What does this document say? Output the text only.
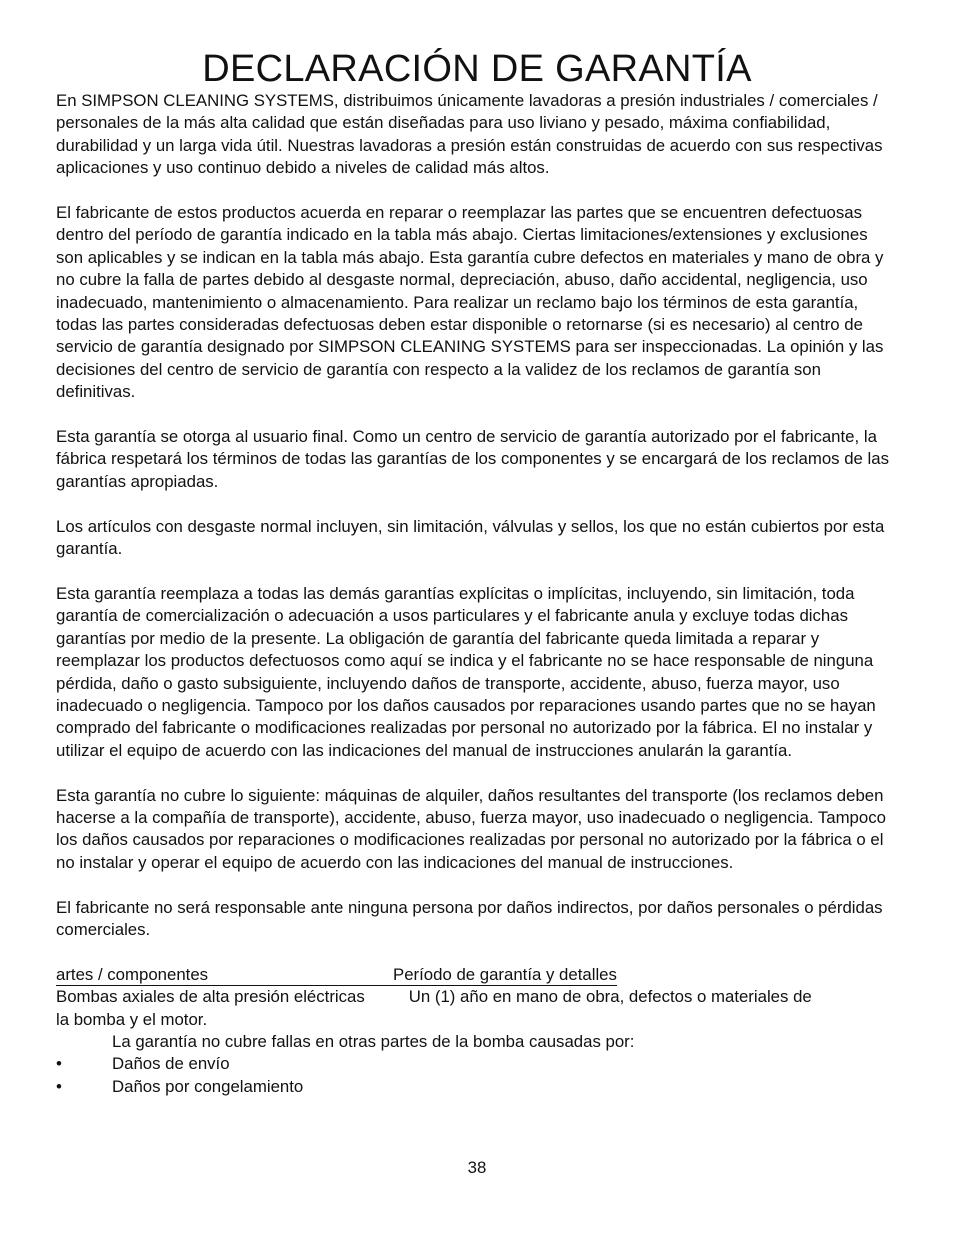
DECLARACIÓN DE GARANTÍA

En SIMPSON CLEANING SYSTEMS, distribuimos únicamente lavadoras a presión industriales / comerciales / personales de la más alta calidad que están diseñadas para uso liviano y pesado, máxima confiabilidad, durabilidad y un larga vida útil. Nuestras lavadoras a presión están construidas de acuerdo con sus respectivas aplicaciones y uso continuo debido a niveles de calidad más altos.

El fabricante de estos productos acuerda en reparar o reemplazar las partes que se encuentren defectuosas dentro del período de garantía indicado en la tabla más abajo. Ciertas limitaciones/extensiones y exclusiones son aplicables y se indican en la tabla más abajo. Esta garantía cubre defectos en materiales y mano de obra y no cubre la falla de partes debido al desgaste normal, depreciación, abuso, daño accidental, negligencia, uso inadecuado, mantenimiento o almacenamiento. Para realizar un reclamo bajo los términos de esta garantía, todas las partes consideradas defectuosas deben estar disponible o retornarse (si es necesario) al centro de servicio de garantía designado por SIMPSON CLEANING SYSTEMS para ser inspeccionadas. La opinión y las decisiones del centro de servicio de garantía con respecto a la validez de los reclamos de garantía son definitivas.

Esta garantía se otorga al usuario final. Como un centro de servicio de garantía autorizado por el fabricante, la fábrica respetará los términos de todas las garantías de los componentes y se encargará de los reclamos de las garantías apropiadas.

Los artículos con desgaste normal incluyen, sin limitación, válvulas y sellos, los que no están cubiertos por esta garantía.

Esta garantía reemplaza a todas las demás garantías explícitas o implícitas, incluyendo, sin limitación, toda garantía de comercialización o adecuación a usos particulares y el fabricante anula y excluye todas dichas garantías por medio de la presente. La obligación de garantía del fabricante queda limitada a reparar y reemplazar los productos defectuosos como aquí se indica y el fabricante no se hace responsable de ninguna pérdida, daño o gasto subsiguiente, incluyendo daños de transporte, accidente, abuso, fuerza mayor, uso inadecuado o negligencia. Tampoco por los daños causados por reparaciones usando partes que no se hayan comprado del fabricante o modificaciones realizadas por personal no autorizado por la fábrica. El no instalar y utilizar el equipo de acuerdo con las indicaciones del manual de instrucciones anularán la garantía.

Esta garantía no cubre lo siguiente: máquinas de alquiler, daños resultantes del transporte (los reclamos deben hacerse a la compañía de transporte), accidente, abuso, fuerza mayor, uso inadecuado o negligencia. Tampoco los daños causados por reparaciones o modificaciones realizadas por personal no autorizado por la fábrica o el no instalar y operar el equipo de acuerdo con las indicaciones del manual de instrucciones.

El fabricante no será responsable ante ninguna persona por daños indirectos, por daños personales o pérdidas comerciales.

artes / componentes	Período de garantía y detalles
Bombas axiales de alta presión eléctricas	Un (1) año en mano de obra, defectos o materiales de
la bomba y el motor.
La garantía no cubre fallas en otras partes de la bomba causadas por:
•	Daños de envío
•	Daños por congelamiento
38
